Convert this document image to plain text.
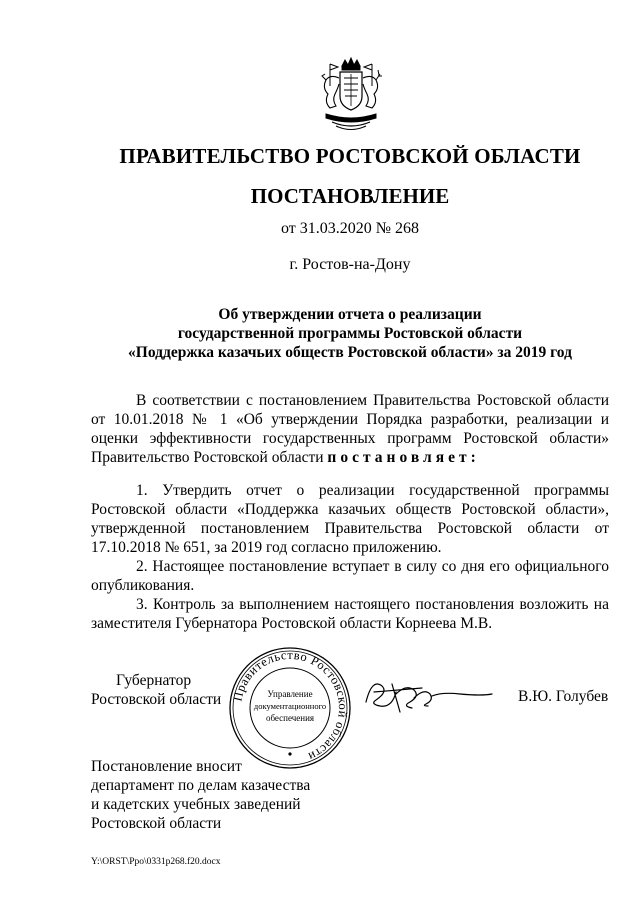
ПРАВИТЕЛЬСТВО РОСТОВСКОЙ ОБЛАСТИ
ПОСТАНОВЛЕНИЕ
от 31.03.2020 № 268
г. Ростов-на-Дону
Об утверждении отчета о реализации
государственной программы Ростовской области
«Поддержка казачьих обществ Ростовской области» за 2019 год

В соответствии с постановлением Правительства Ростовской области от 10.01.2018 № 1 «Об утверждении Порядка разработки, реализации и оценки эффективности государственных программ Ростовской области» Правительство Ростовской области постановляет:

1. Утвердить отчет о реализации государственной программы Ростовской области «Поддержка казачьих обществ Ростовской области», утвержденной постановлением Правительства Ростовской области от 17.10.2018 № 651, за 2019 год согласно приложению.

2. Настоящее постановление вступает в силу со дня его официального опубликования.

3. Контроль за выполнением настоящего постановления возложить на заместителя Губернатора Ростовской области Корнеева М.В.

Губернатор
Ростовской области Правительство Ростовской области
Управление
документационного
обеспечения
В.Ю. Голубев
Постановление вносит
департамент по делам казачества
и кадетских учебных заведений
Ростовской области
Y:\ORST\Ppo\0331p268.f20.docx
